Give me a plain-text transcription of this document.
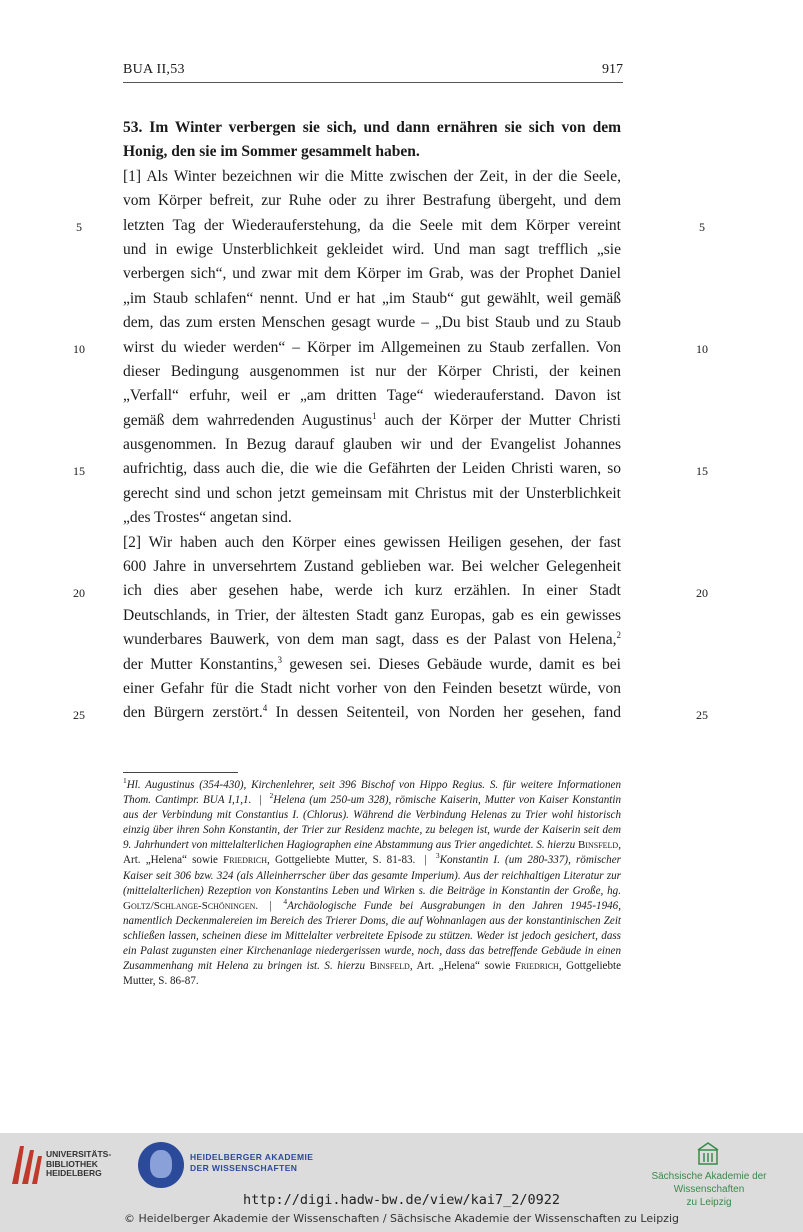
BUA II,53	917
53. Im Winter verbergen sie sich, und dann ernähren sie sich von dem
Honig, den sie im Sommer gesammelt haben.
[1] Als Winter bezeichnen wir die Mitte zwischen der Zeit, in der die Seele,
vom Körper befreit, zur Ruhe oder zu ihrer Bestrafung übergeht, und dem
letzten Tag der Wiederauferstehung, da die Seele mit dem Körper vereint
und in ewige Unsterblichkeit gekleidet wird. Und man sagt trefflich „sie
verbergen sich“, und zwar mit dem Körper im Grab, was der Prophet Daniel
„im Staub schlafen“ nennt. Und er hat „im Staub“ gut gewählt, weil gemäß
dem, das zum ersten Menschen gesagt wurde – „Du bist Staub und zu Staub
wirst du wieder werden“ – Körper im Allgemeinen zu Staub zerfallen. Von
dieser Bedingung ausgenommen ist nur der Körper Christi, der keinen
„Verfall“ erfuhr, weil er „am dritten Tage“ wiederauferstand. Davon ist
gemäß dem wahrredenden Augustinus$^1$ auch der Körper der Mutter Christi
ausgenommen. In Bezug darauf glauben wir und der Evangelist Johannes
aufrichtig, dass auch die, die wie die Gefährten der Leiden Christi waren, so
gerecht sind und schon jetzt gemeinsam mit Christus mit der Unsterblichkeit
„des Trostes“ angetan sind.
[2] Wir haben auch den Körper eines gewissen Heiligen gesehen, der fast
600 Jahre in unversehrtem Zustand geblieben war. Bei welcher Gelegenheit
ich dies aber gesehen habe, werde ich kurz erzählen. In einer Stadt
Deutschlands, in Trier, der ältesten Stadt ganz Europas, gab es ein gewisses
wunderbares Bauwerk, von dem man sagt, dass es der Palast von Helena,$^2$
der Mutter Konstantins,$^3$ gewesen sei. Dieses Gebäude wurde, damit es bei
einer Gefahr für die Stadt nicht vorher von den Feinden besetzt würde, von
den Bürgern zerstört.$^4$ In dessen Seitenteil, von Norden her gesehen, fand
5	5
10	10
15	15
20	20
25	25
$^1$Hl. Augustinus (354-430), Kirchenlehrer, seit 396 Bischof von Hippo Regius. S. für weitere Informationen Thom. Cantimpr. BUA I,1,1. | $^2$Helena (um 250-um 328), römische Kaiserin, Mutter von Kaiser Konstantin aus der Verbindung mit Constantius I. (Chlorus). Während die Verbindung Helenas zu Trier wohl historisch einzig über ihren Sohn Konstantin, der Trier zur Residenz machte, zu belegen ist, wurde der Kaiserin seit dem 9. Jahrhundert von mittelalterlichen Hagiographen eine Abstammung aus Trier angedichtet. S. hierzu Binsfeld, Art. „Helena“ sowie Friedrich, Gottgeliebte Mutter, S. 81-83. | $^3$Konstantin I. (um 280-337), römischer Kaiser seit 306 bzw. 324 (als Alleinherrscher über das gesamte Imperium). Aus der reichhaltigen Literatur zur (mittelalterlichen) Rezeption von Konstantins Leben und Wirken s. die Beiträge in Konstantin der Große, hg. Goltz/Schlange-Schöningen. | $^4$Archäologische Funde bei Ausgrabungen in den Jahren 1945-1946, namentlich Deckenmalereien im Bereich des Trierer Doms, die auf Wohnanlagen aus der konstantinischen Zeit schließen lassen, scheinen diese im Mittelalter verbreitete Episode zu stützen. Weder ist jedoch gesichert, dass ein Palast zugunsten einer Kirchenanlage niedergerissen wurde, noch, dass das betreffende Gebäude in einen Zusammenhang mit Helena zu bringen ist. S. hierzu Binsfeld, Art. „Helena“ sowie Friedrich, Gottgeliebte Mutter, S. 86-87.
UNIVERSITÄTS-
BIBLIOTHEK
HEIDELBERG
HEIDELBERGER AKADEMIE
DER WISSENSCHAFTEN
Sächsische Akademie der Wissenschaften
zu Leipzig
http://digi.hadw-bw.de/view/kai7_2/0922
© Heidelberger Akademie der Wissenschaften / Sächsische Akademie der Wissenschaften zu Leipzig
